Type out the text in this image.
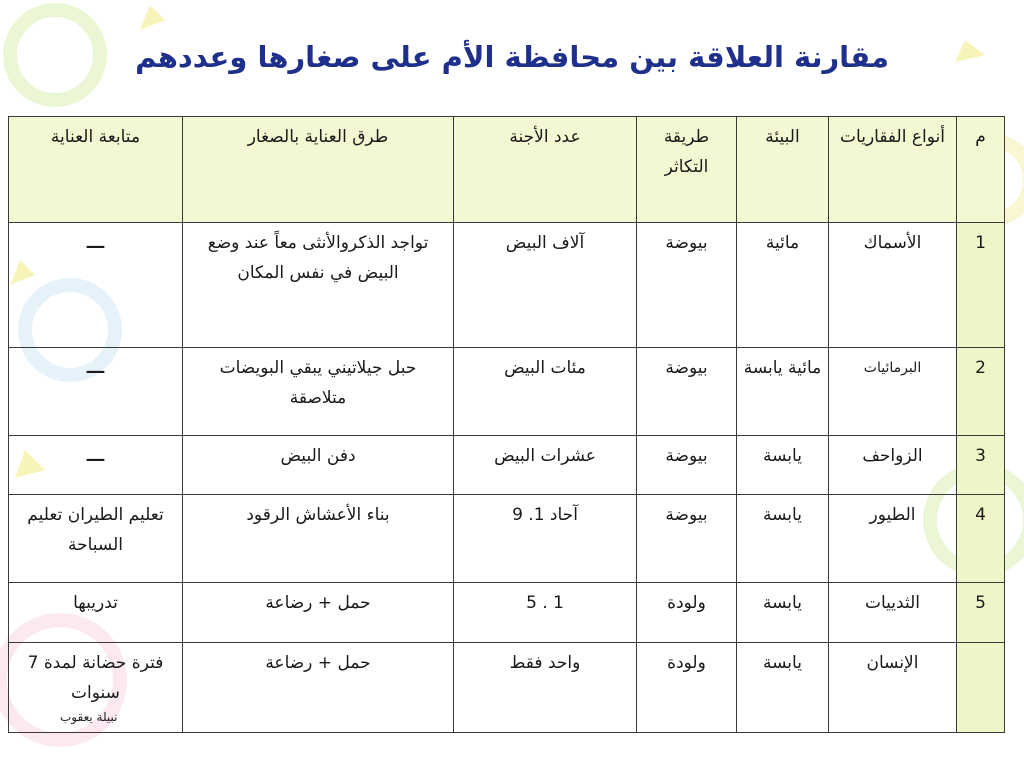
مقارنة العلاقة بين محافظة الأم على صغارها وعددهم
م	أنواع الفقاريات	البيئة	طريقة التكاثر	عدد الأجنة	طرق العناية بالصغار	متابعة العناية
1	الأسماك	مائية	بيوضة	آلاف البيض	تواجد الذكروالأنثى معاً عند وضع البيض في نفس المكان	ـــ
2	البرمائيات	مائية يابسة	بيوضة	مئات البيض	حبل جيلاتيني يبقي البويضات متلاصقة	ـــ
3	الزواحف	يابسة	بيوضة	عشرات البيض	دفن البيض	ـــ
4	الطيور	يابسة	بيوضة	آحاد 1. 9	بناء الأعشاش الرقود	تعليم الطيران تعليم السباحة
5	الثدييات	يابسة	ولودة	1 . 5	حمل + رضاعة	تدريبها
	الإنسان	يابسة	ولودة	واحد فقط	حمل + رضاعة	فترة حضانة لمدة 7 سنوات
نبيلة يعقوب
